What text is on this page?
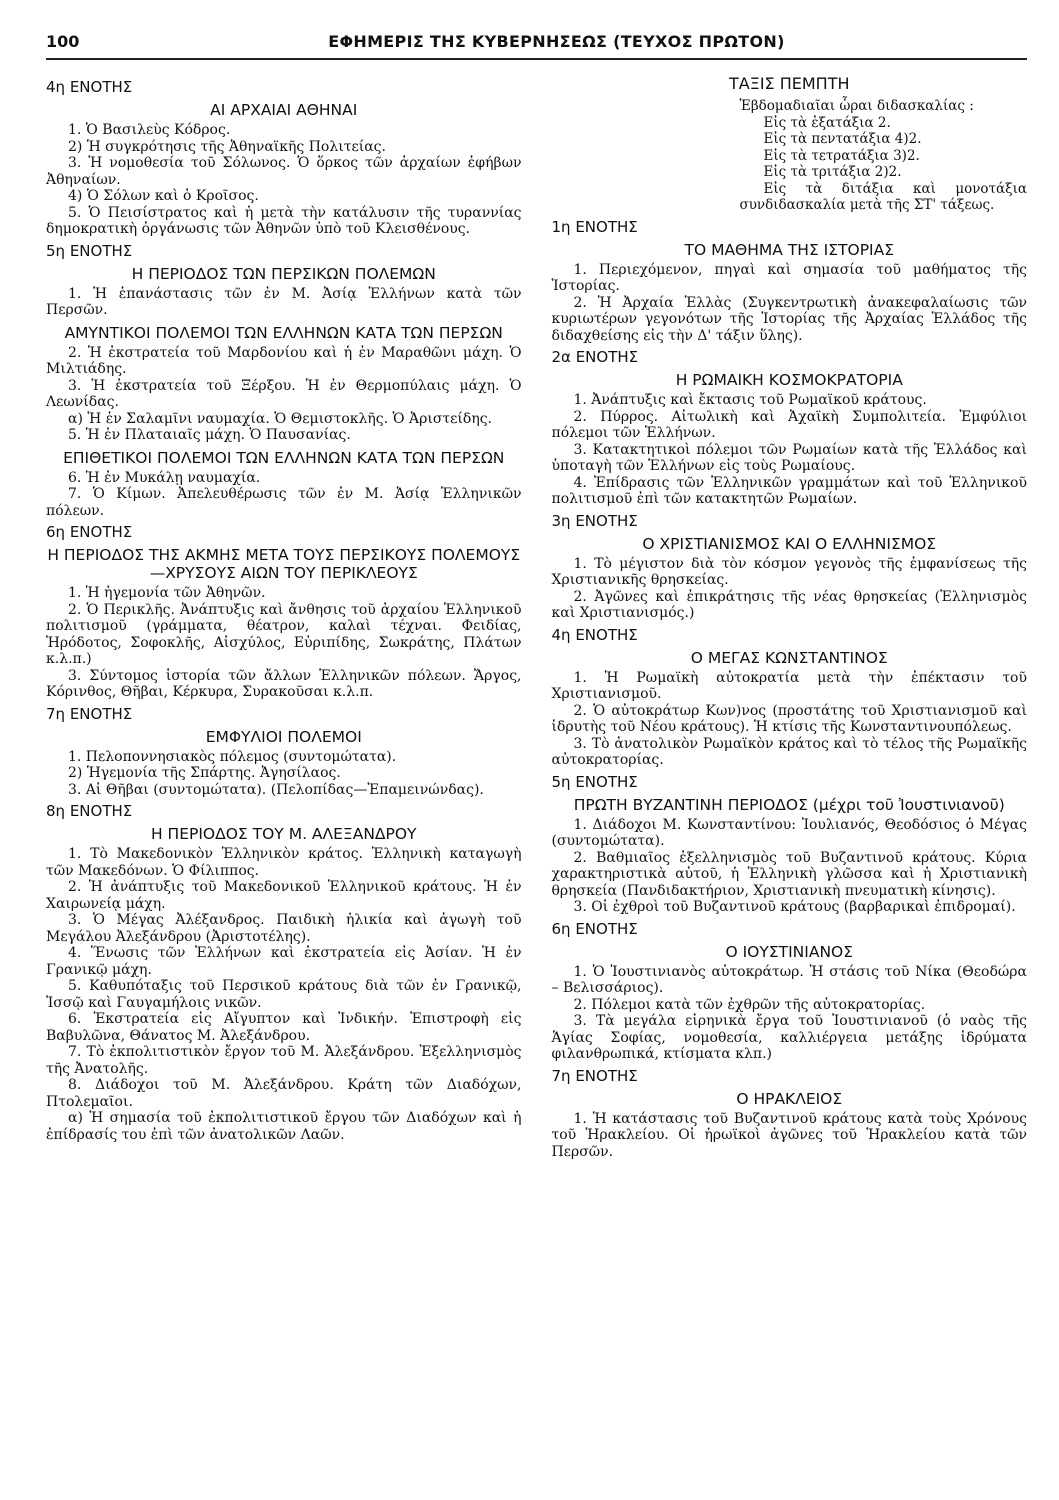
100	ΕΦΗΜΕΡΙΣ ΤΗΣ ΚΥΒΕΡΝΗΣΕΩΣ (ΤΕΥΧΟΣ ΠΡΩΤΟΝ)
4η ΕΝΟΤΗΣ
ΑΙ ΑΡΧΑΙΑΙ ΑΘΗΝΑΙ

1. Ὁ Βασιλεὺς Κόδρος.

2) Ἡ συγκρότησις τῆς Ἀθηναϊκῆς Πολιτείας.

3. Ἡ νομοθεσία τοῦ Σόλωνος. Ὁ ὅρκος τῶν ἀρχαίων ἐφήβων Ἀθηναίων.

4) Ὁ Σόλων καὶ ὁ Κροῖσος.

5. Ὁ Πεισίστρατος καὶ ἡ μετὰ τὴν κατάλυσιν τῆς τυραννίας δημοκρατικὴ ὀργάνωσις τῶν Ἀθηνῶν ὑπὸ τοῦ Κλεισθένους.

5η ΕΝΟΤΗΣ
Η ΠΕΡΙΟΔΟΣ ΤΩΝ ΠΕΡΣΙΚΩΝ ΠΟΛΕΜΩΝ

1. Ἡ ἐπανάστασις τῶν ἐν Μ. Ἀσίᾳ Ἑλλήνων κατὰ τῶν Περσῶν.

ΑΜΥΝΤΙΚΟΙ ΠΟΛΕΜΟΙ ΤΩΝ ΕΛΛΗΝΩΝ ΚΑΤΑ ΤΩΝ ΠΕΡΣΩΝ

2. Ἡ ἐκστρατεία τοῦ Μαρδονίου καὶ ἡ ἐν Μαραθῶνι μάχη. Ὁ Μιλτιάδης.

3. Ἡ ἐκστρατεία τοῦ Ξέρξου. Ἡ ἐν Θερμοπύλαις μάχη. Ὁ Λεωνίδας.

α) Ἡ ἐν Σαλαμῖνι ναυμαχία. Ὁ Θεμιστοκλῆς. Ὁ Ἀριστείδης.

5. Ἡ ἐν Πλαταιαῖς μάχη. Ὁ Παυσανίας.

ΕΠΙΘΕΤΙΚΟΙ ΠΟΛΕΜΟΙ ΤΩΝ ΕΛΛΗΝΩΝ ΚΑΤΑ ΤΩΝ ΠΕΡΣΩΝ

6. Ἡ ἐν Μυκάλῃ ναυμαχία.

7. Ὁ Κίμων. Ἀπελευθέρωσις τῶν ἐν Μ. Ἀσίᾳ Ἑλληνικῶν πόλεων.

6η ΕΝΟΤΗΣ
Η ΠΕΡΙΟΔΟΣ ΤΗΣ ΑΚΜΗΣ ΜΕΤΑ ΤΟΥΣ ΠΕΡΣΙΚΟΥΣ ΠΟΛΕΜΟΥΣ—ΧΡΥΣΟΥΣ ΑΙΩΝ ΤΟΥ ΠΕΡΙΚΛΕΟΥΣ

1. Ἡ ἡγεμονία τῶν Ἀθηνῶν.

2. Ὁ Περικλῆς. Ἀνάπτυξις καὶ ἄνθησις τοῦ ἀρχαίου Ἑλληνικοῦ πολιτισμοῦ (γράμματα, θέατρον, καλαὶ τέχναι. Φειδίας, Ἡρόδοτος, Σοφοκλῆς, Αἰσχύλος, Εὐριπίδης, Σωκράτης, Πλάτων κ.λ.π.)

3. Σύντομος ἱστορία τῶν ἄλλων Ἑλληνικῶν πόλεων. Ἄργος, Κόρινθος, Θῆβαι, Κέρκυρα, Συρακοῦσαι κ.λ.π.

7η ΕΝΟΤΗΣ
ΕΜΦΥΛΙΟΙ ΠΟΛΕΜΟΙ

1. Πελοποννησιακὸς πόλεμος (συντομώτατα).

2) Ἡγεμονία τῆς Σπάρτης. Ἀγησίλαος.

3. Αἱ Θῆβαι (συντομώτατα). (Πελοπίδας—Ἐπαμεινώνδας).

8η ΕΝΟΤΗΣ
Η ΠΕΡΙΟΔΟΣ ΤΟΥ Μ. ΑΛΕΞΑΝΔΡΟΥ

1. Τὸ Μακεδονικὸν Ἑλληνικὸν κράτος. Ἑλληνικὴ καταγωγὴ τῶν Μακεδόνων. Ὁ Φίλιππος.

2. Ἡ ἀνάπτυξις τοῦ Μακεδονικοῦ Ἑλληνικοῦ κράτους. Ἡ ἐν Χαιρωνείᾳ μάχη.

3. Ὁ Μέγας Ἀλέξανδρος. Παιδικὴ ἡλικία καὶ ἀγωγὴ τοῦ Μεγάλου Ἀλεξάνδρου (Ἀριστοτέλης).

4. Ἕνωσις τῶν Ἑλλήνων καὶ ἐκστρατεία εἰς Ἀσίαν. Ἡ ἐν Γρανικῷ μάχη.

5. Καθυπόταξις τοῦ Περσικοῦ κράτους διὰ τῶν ἐν Γρανικῷ, Ἰσσῷ καὶ Γαυγαμήλοις νικῶν.

6. Ἐκστρατεία εἰς Αἴγυπτον καὶ Ἰνδικήν. Ἐπιστροφὴ εἰς Βαβυλῶνα, Θάνατος Μ. Ἀλεξάνδρου.

7. Τὸ ἐκπολιτιστικὸν ἔργον τοῦ Μ. Ἀλεξάνδρου. Ἐξελληνισμὸς τῆς Ἀνατολῆς.

8. Διάδοχοι τοῦ Μ. Ἀλεξάνδρου. Κράτη τῶν Διαδόχων, Πτολεμαῖοι.

α) Ἡ σημασία τοῦ ἐκπολιτιστικοῦ ἔργου τῶν Διαδόχων καὶ ἡ ἐπίδρασίς του ἐπὶ τῶν ἀνατολικῶν Λαῶν.

ΤΑΞΙΣ ΠΕΜΠΤΗ
Ἑβδομαδιαῖαι ὧραι διδασκαλίας :
Εἰς τὰ ἑξατάξια 2.
Εἰς τὰ πεντατάξια 4)2.
Εἰς τὰ τετρατάξια 3)2.
Εἰς τὰ τριτάξια 2)2.
Εἰς τὰ διτάξια καὶ μονοτάξια συνδιδασκαλία μετὰ τῆς ΣΤ' τάξεως.
1η ΕΝΟΤΗΣ
ΤΟ ΜΑΘΗΜΑ ΤΗΣ ΙΣΤΟΡΙΑΣ

1. Περιεχόμενον, πηγαὶ καὶ σημασία τοῦ μαθήματος τῆς Ἱστορίας.

2. Ἡ Ἀρχαία Ἑλλὰς (Συγκεντρωτικὴ ἀνακεφαλαίωσις τῶν κυριωτέρων γεγονότων τῆς Ἱστορίας τῆς Ἀρχαίας Ἑλλάδος τῆς διδαχθείσης εἰς τὴν Δ' τάξιν ὕλης).

2α ΕΝΟΤΗΣ
Η ΡΩΜΑΙΚΗ ΚΟΣΜΟΚΡΑΤΟΡΙΑ

1. Ἀνάπτυξις καὶ ἔκτασις τοῦ Ρωμαϊκοῦ κράτους.

2. Πύρρος. Αἰτωλικὴ καὶ Ἀχαϊκὴ Συμπολιτεία. Ἐμφύλιοι πόλεμοι τῶν Ἑλλήνων.

3. Κατακτητικοὶ πόλεμοι τῶν Ρωμαίων κατὰ τῆς Ἑλλάδος καὶ ὑποταγὴ τῶν Ἑλλήνων εἰς τοὺς Ρωμαίους.

4. Ἐπίδρασις τῶν Ἑλληνικῶν γραμμάτων καὶ τοῦ Ἑλληνικοῦ πολιτισμοῦ ἐπὶ τῶν κατακτητῶν Ρωμαίων.

3η ΕΝΟΤΗΣ
Ο ΧΡΙΣΤΙΑΝΙΣΜΟΣ ΚΑΙ Ο ΕΛΛΗΝΙΣΜΟΣ

1. Τὸ μέγιστον διὰ τὸν κόσμον γεγονὸς τῆς ἐμφανίσεως τῆς Χριστιανικῆς θρησκείας.

2. Ἀγῶνες καὶ ἐπικράτησις τῆς νέας θρησκείας (Ἑλληνισμὸς καὶ Χριστιανισμός.)

4η ΕΝΟΤΗΣ
Ο ΜΕΓΑΣ ΚΩΝΣΤΑΝΤΙΝΟΣ

1. Ἡ Ρωμαϊκὴ αὐτοκρατία μετὰ τὴν ἐπέκτασιν τοῦ Χριστιανισμοῦ.

2. Ὁ αὐτοκράτωρ Κων)νος (προστάτης τοῦ Χριστιανισμοῦ καὶ ἱδρυτὴς τοῦ Νέου κράτους). Ἡ κτίσις τῆς Κωνσταντινουπόλεως.

3. Τὸ ἀνατολικὸν Ρωμαϊκὸν κράτος καὶ τὸ τέλος τῆς Ρωμαϊκῆς αὐτοκρατορίας.

5η ΕΝΟΤΗΣ
ΠΡΩΤΗ ΒΥΖΑΝΤΙΝΗ ΠΕΡΙΟΔΟΣ (μέχρι τοῦ Ἰουστινιανοῦ)

1. Διάδοχοι Μ. Κωνσταντίνου: Ἰουλιανός, Θεοδόσιος ὁ Μέγας (συντομώτατα).

2. Βαθμιαῖος ἐξελληνισμὸς τοῦ Βυζαντινοῦ κράτους. Κύρια χαρακτηριστικὰ αὐτοῦ, ἡ Ἑλληνικὴ γλῶσσα καὶ ἡ Χριστιανικὴ θρησκεία (Πανδιδακτήριον, Χριστιανικὴ πνευματικὴ κίνησις).

3. Οἱ ἐχθροὶ τοῦ Βυζαντινοῦ κράτους (βαρβαρικαὶ ἐπιδρομαί).

6η ΕΝΟΤΗΣ
Ο ΙΟΥΣΤΙΝΙΑΝΟΣ

1. Ὁ Ἰουστινιανὸς αὐτοκράτωρ. Ἡ στάσις τοῦ Νίκα (Θεοδώρα – Βελισσάριος).

2. Πόλεμοι κατὰ τῶν ἐχθρῶν τῆς αὐτοκρατορίας.

3. Τὰ μεγάλα εἰρηνικὰ ἔργα τοῦ Ἰουστινιανοῦ (ὁ ναὸς τῆς Ἁγίας Σοφίας, νομοθεσία, καλλιέργεια μετάξης ἱδρύματα φιλανθρωπικά, κτίσματα κλπ.)

7η ΕΝΟΤΗΣ
Ο ΗΡΑΚΛΕΙΟΣ

1. Ἡ κατάστασις τοῦ Βυζαντινοῦ κράτους κατὰ τοὺς Χρόνους τοῦ Ἡρακλείου. Οἱ ἡρωϊκοὶ ἀγῶνες τοῦ Ἡρακλείου κατὰ τῶν Περσῶν.
